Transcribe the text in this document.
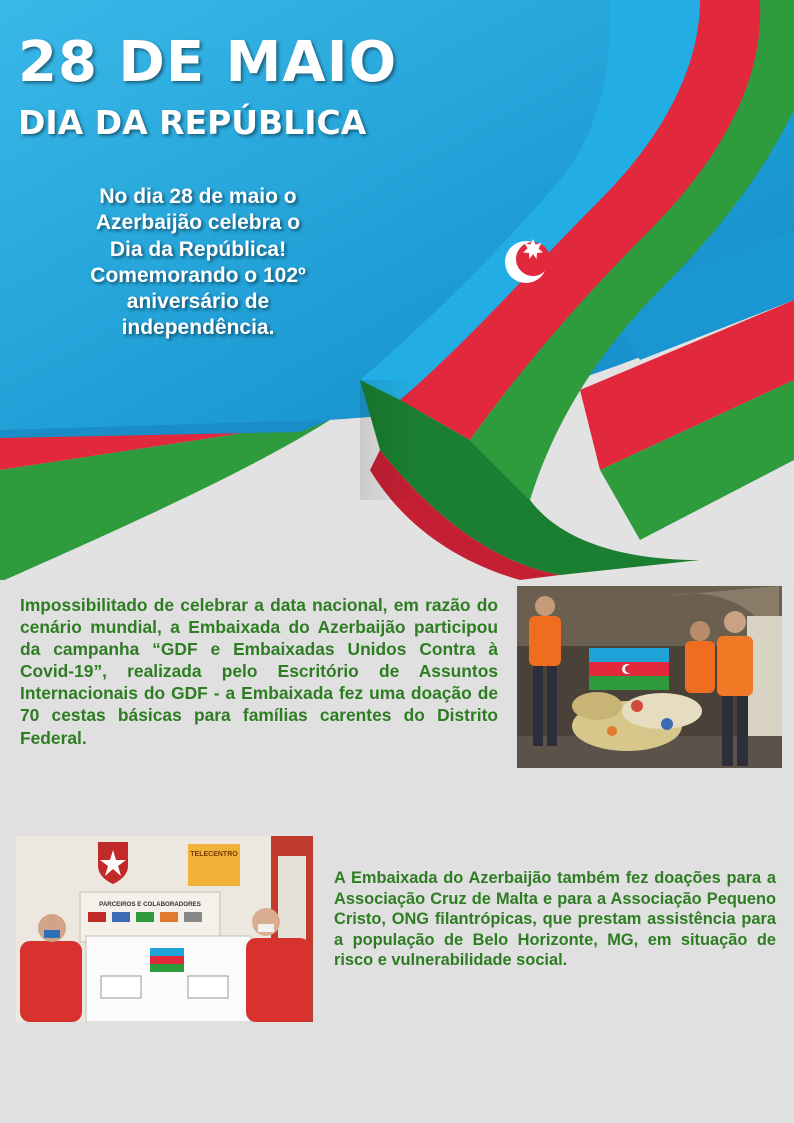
28 DE MAIO
DIA DA REPÚBLICA
No dia 28 de maio o
Azerbaijão celebra o
Dia da República!
Comemorando o 102º
aniversário de
independência.
Impossibilitado de celebrar a data nacional, em razão do cenário mundial, a Embaixada do Azerbaijão participou da campanha “GDF e Embaixadas Unidos Contra à Covid-19”, realizada pelo Escritório de Assuntos Internacionais do GDF - a Embaixada fez uma doação de 70 cestas básicas para famílias carentes do Distrito Federal.
TELECENTRO
PARCEIROS E COLABORADORES
A Embaixada do Azerbaijão também fez doações para a Associação Cruz de Malta e para a Associação Pequeno Cristo, ONG filantrópicas, que prestam assistência para a população de Belo Horizonte, MG, em situação de risco e vulnerabilidade social.
